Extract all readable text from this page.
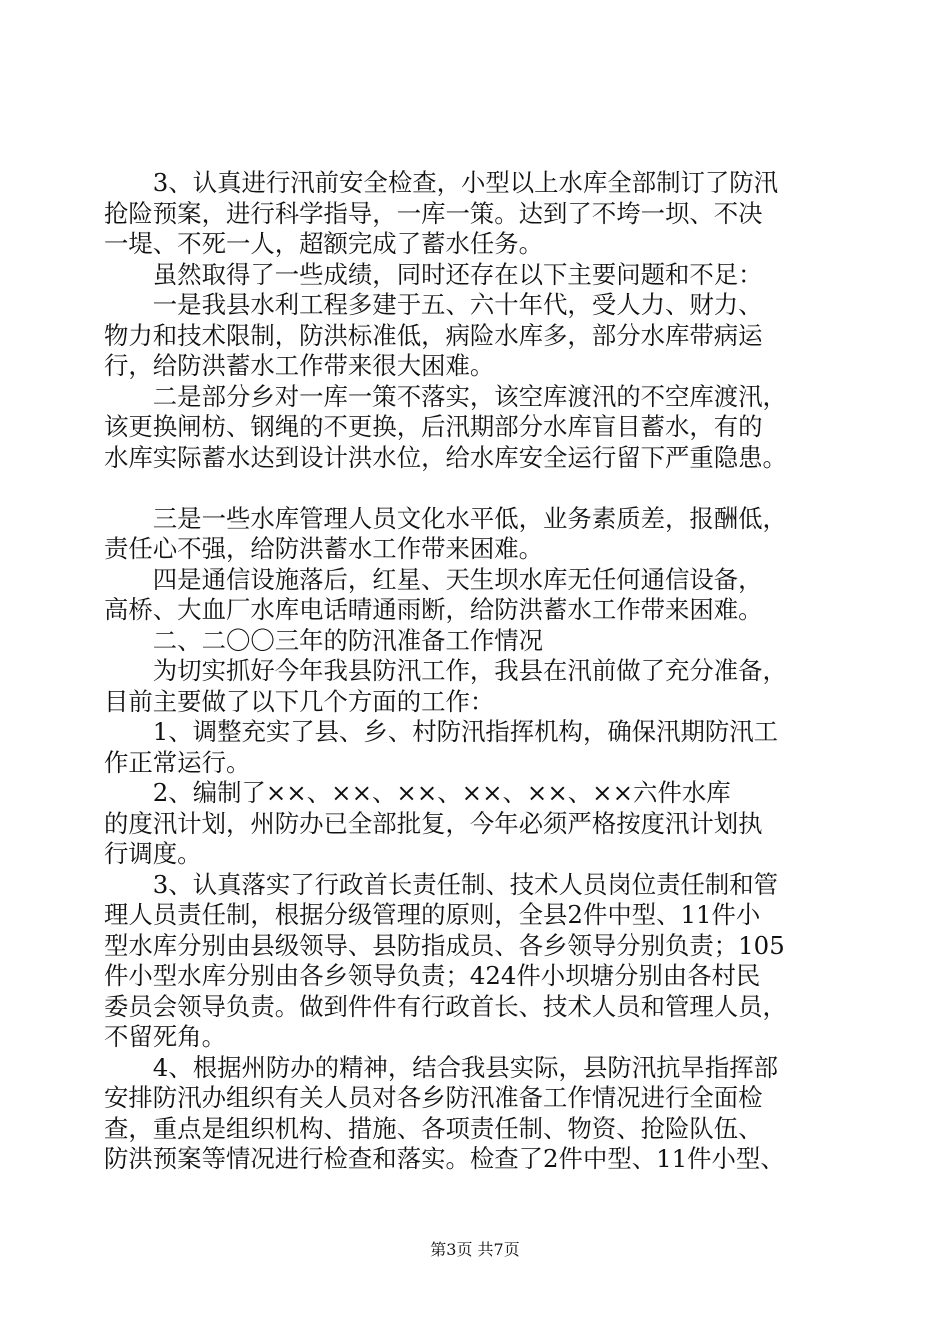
　　3、认真进行汛前安全检查，小型以上水库全部制订了防汛
抢险预案，进行科学指导，一库一策。达到了不垮一坝、不决
一堤、不死一人，超额完成了蓄水任务。
　　虽然取得了一些成绩，同时还存在以下主要问题和不足：
　　一是我县水利工程多建于五、六十年代，受人力、财力、
物力和技术限制，防洪标准低，病险水库多，部分水库带病运
行，给防洪蓄水工作带来很大困难。
　　二是部分乡对一库一策不落实，该空库渡汛的不空库渡汛，
该更换闸枋、钢绳的不更换，后汛期部分水库盲目蓄水，有的
水库实际蓄水达到设计洪水位，给水库安全运行留下严重隐患。
　　三是一些水库管理人员文化水平低，业务素质差，报酬低，
责任心不强，给防洪蓄水工作带来困难。
　　四是通信设施落后，红星、天生坝水库无任何通信设备，
高桥、大血厂水库电话晴通雨断，给防洪蓄水工作带来困难。
　　二、二〇〇三年的防汛准备工作情况
　　为切实抓好今年我县防汛工作，我县在汛前做了充分准备，
目前主要做了以下几个方面的工作：
　　1、调整充实了县、乡、村防汛指挥机构，确保汛期防汛工
作正常运行。
　　2、编制了××、××、××、××、××、××六件水库
的度汛计划，州防办已全部批复，今年必须严格按度汛计划执
行调度。
　　3、认真落实了行政首长责任制、技术人员岗位责任制和管
理人员责任制，根据分级管理的原则，全县2件中型、11件小
型水库分别由县级领导、县防指成员、各乡领导分别负责；105
件小型水库分别由各乡领导负责；424件小坝塘分别由各村民
委员会领导负责。做到件件有行政首长、技术人员和管理人员，
不留死角。
　　4、根据州防办的精神，结合我县实际，县防汛抗旱指挥部
安排防汛办组织有关人员对各乡防汛准备工作情况进行全面检
查，重点是组织机构、措施、各项责任制、物资、抢险队伍、
防洪预案等情况进行检查和落实。检查了2件中型、11件小型、
第3页 共7页
